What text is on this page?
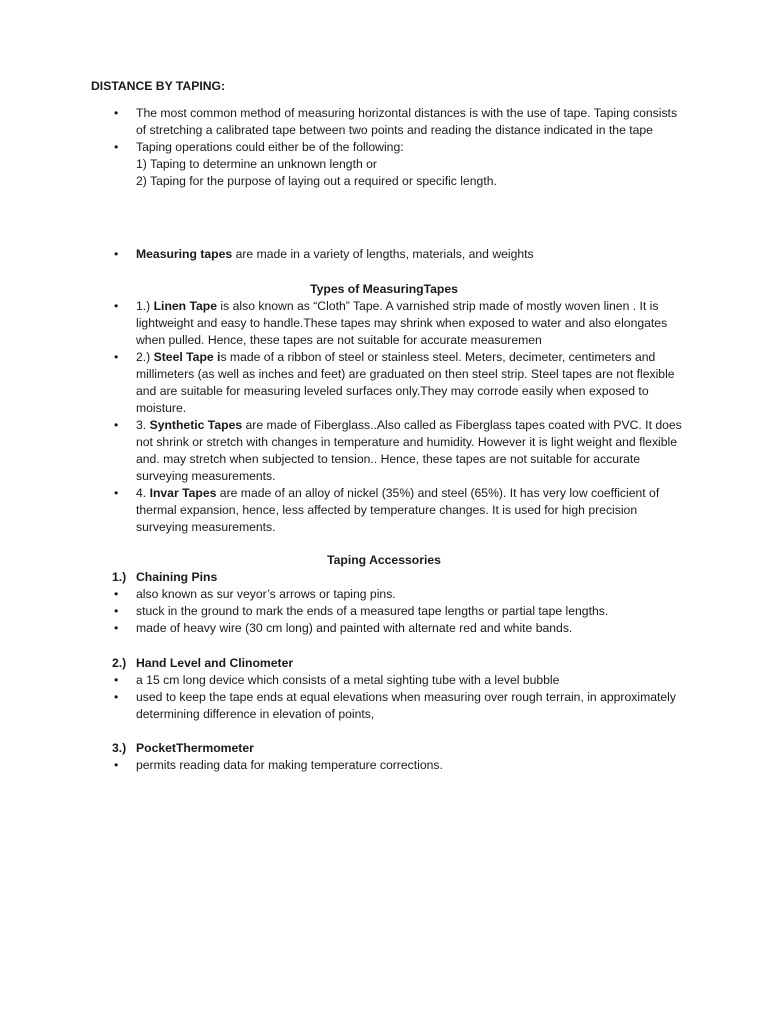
DISTANCE BY TAPING:
• The most common method of measuring horizontal distances is with the use of tape. Taping consists of stretching a calibrated tape between two points and reading the distance indicated in the tape
• Taping operations could either be of the following:
1) Taping to determine an unknown length or
2) Taping for the purpose of laying out a required or specific length.
• Measuring tapes are made in a variety of lengths, materials, and weights
Types of MeasuringTapes
• 1.) Linen Tape is also known as “Cloth” Tape. A varnished strip made of mostly woven linen . It is lightweight and easy to handle.These tapes may shrink when exposed to water and also elongates when pulled. Hence, these tapes are not suitable for accurate measuremen
• 2.) Steel Tape is made of a ribbon of steel or stainless steel. Meters, decimeter, centimeters and millimeters (as well as inches and feet) are graduated on then steel strip. Steel tapes are not flexible and are suitable for measuring leveled surfaces only.They may corrode easily when exposed to moisture.
• 3. Synthetic Tapes are made of Fiberglass..Also called as Fiberglass tapes coated with PVC. It does not shrink or stretch with changes in temperature and humidity. However it is light weight and flexible and. may stretch when subjected to tension.. Hence, these tapes are not suitable for accurate surveying measurements.
• 4. Invar Tapes are made of an alloy of nickel (35%) and steel (65%). It has very low coefficient of thermal expansion, hence, less affected by temperature changes. It is used for high precision surveying measurements.
Taping Accessories
1.) Chaining Pins
• also known as sur veyor’s arrows or taping pins.
• stuck in the ground to mark the ends of a measured tape lengths or partial tape lengths.
• made of heavy wire (30 cm long) and painted with alternate red and white bands.
2.) Hand Level and Clinometer
• a 15 cm long device which consists of a metal sighting tube with a level bubble
• used to keep the tape ends at equal elevations when measuring over rough terrain, in approximately determining difference in elevation of points,
3.) PocketThermometer
• permits reading data for making temperature corrections.
